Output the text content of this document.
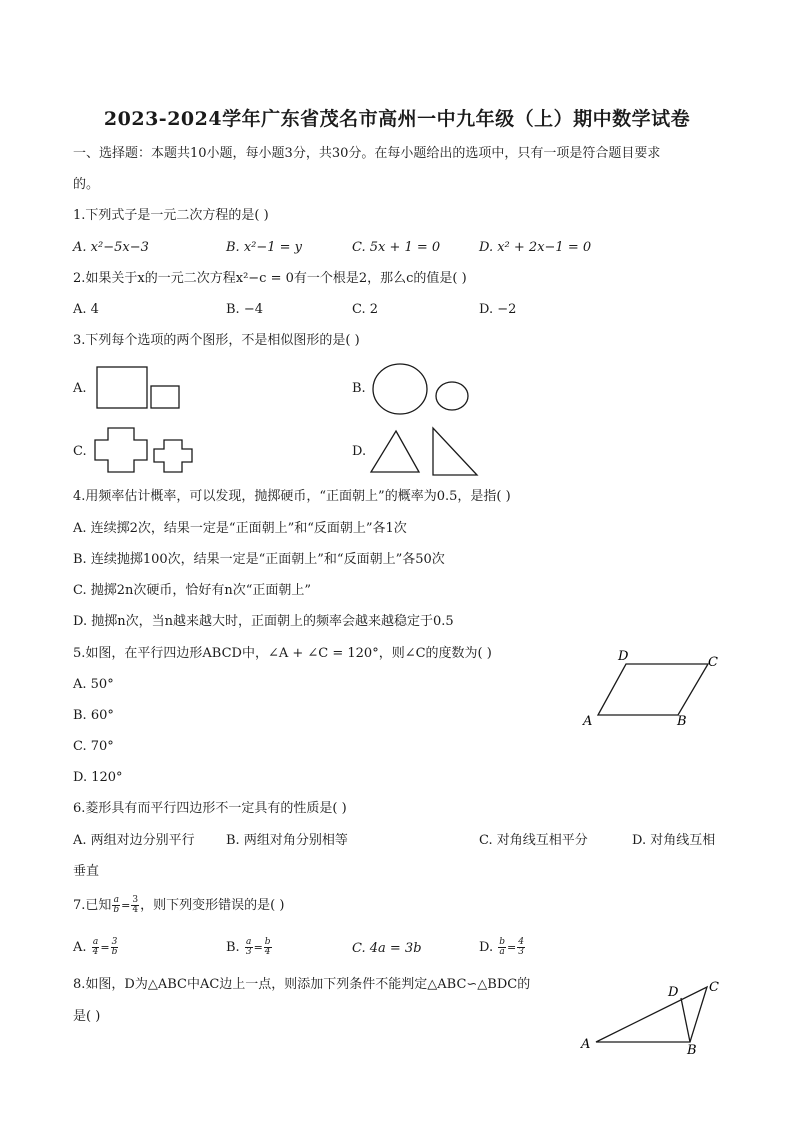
2023-2024学年广东省茂名市高州一中九年级（上）期中数学试卷
一、选择题：本题共10小题，每小题3分，共30分。在每小题给出的选项中，只有一项是符合题目要求
的。
1.下列式子是一元二次方程的是( )
A. x²−5x−3	B. x²−1 = y	C. 5x + 1 = 0	D. x² + 2x−1 = 0
2.如果关于x的一元二次方程x²−c = 0有一个根是2，那么c的值是( )
A. 4	B. −4	C. 2	D. −2
3.下列每个选项的两个图形，不是相似图形的是( )
A.	B.
C.	D.
A	B
C
D
A	B
C
D
4.用频率估计概率，可以发现，抛掷硬币，“正面朝上”的概率为0.5，是指( )
A. 连续掷2次，结果一定是“正面朝上”和“反面朝上”各1次
B. 连续抛掷100次，结果一定是“正面朝上”和“反面朝上”各50次
C. 抛掷2n次硬币，恰好有n次“正面朝上”
D. 抛掷n次，当n越来越大时，正面朝上的频率会越来越稳定于0.5
5.如图，在平行四边形ABCD中，∠A + ∠C = 120°，则∠C的度数为( )
A. 50°
B. 60°
C. 70°
D. 120°
6.菱形具有而平行四边形不一定具有的性质是( )
A. 两组对边分别平行 B. 两组对角分别相等	C. 对角线互相平分	D. 对角线互相
垂直
7.已知 $\frac{a}{b} = \frac{3}{4}$ ，则下列变形错误的是( )
A. $\frac{a}{4} = \frac{3}{b}$	B. $\frac{a}{3} = \frac{b}{4}$	C. 4a = 3b	D. $\frac{b}{a} = \frac{4}{3}$
8.如图，D为△ABC中AC边上一点，则添加下列条件不能判定△ABC∽△BDC的
是( )
